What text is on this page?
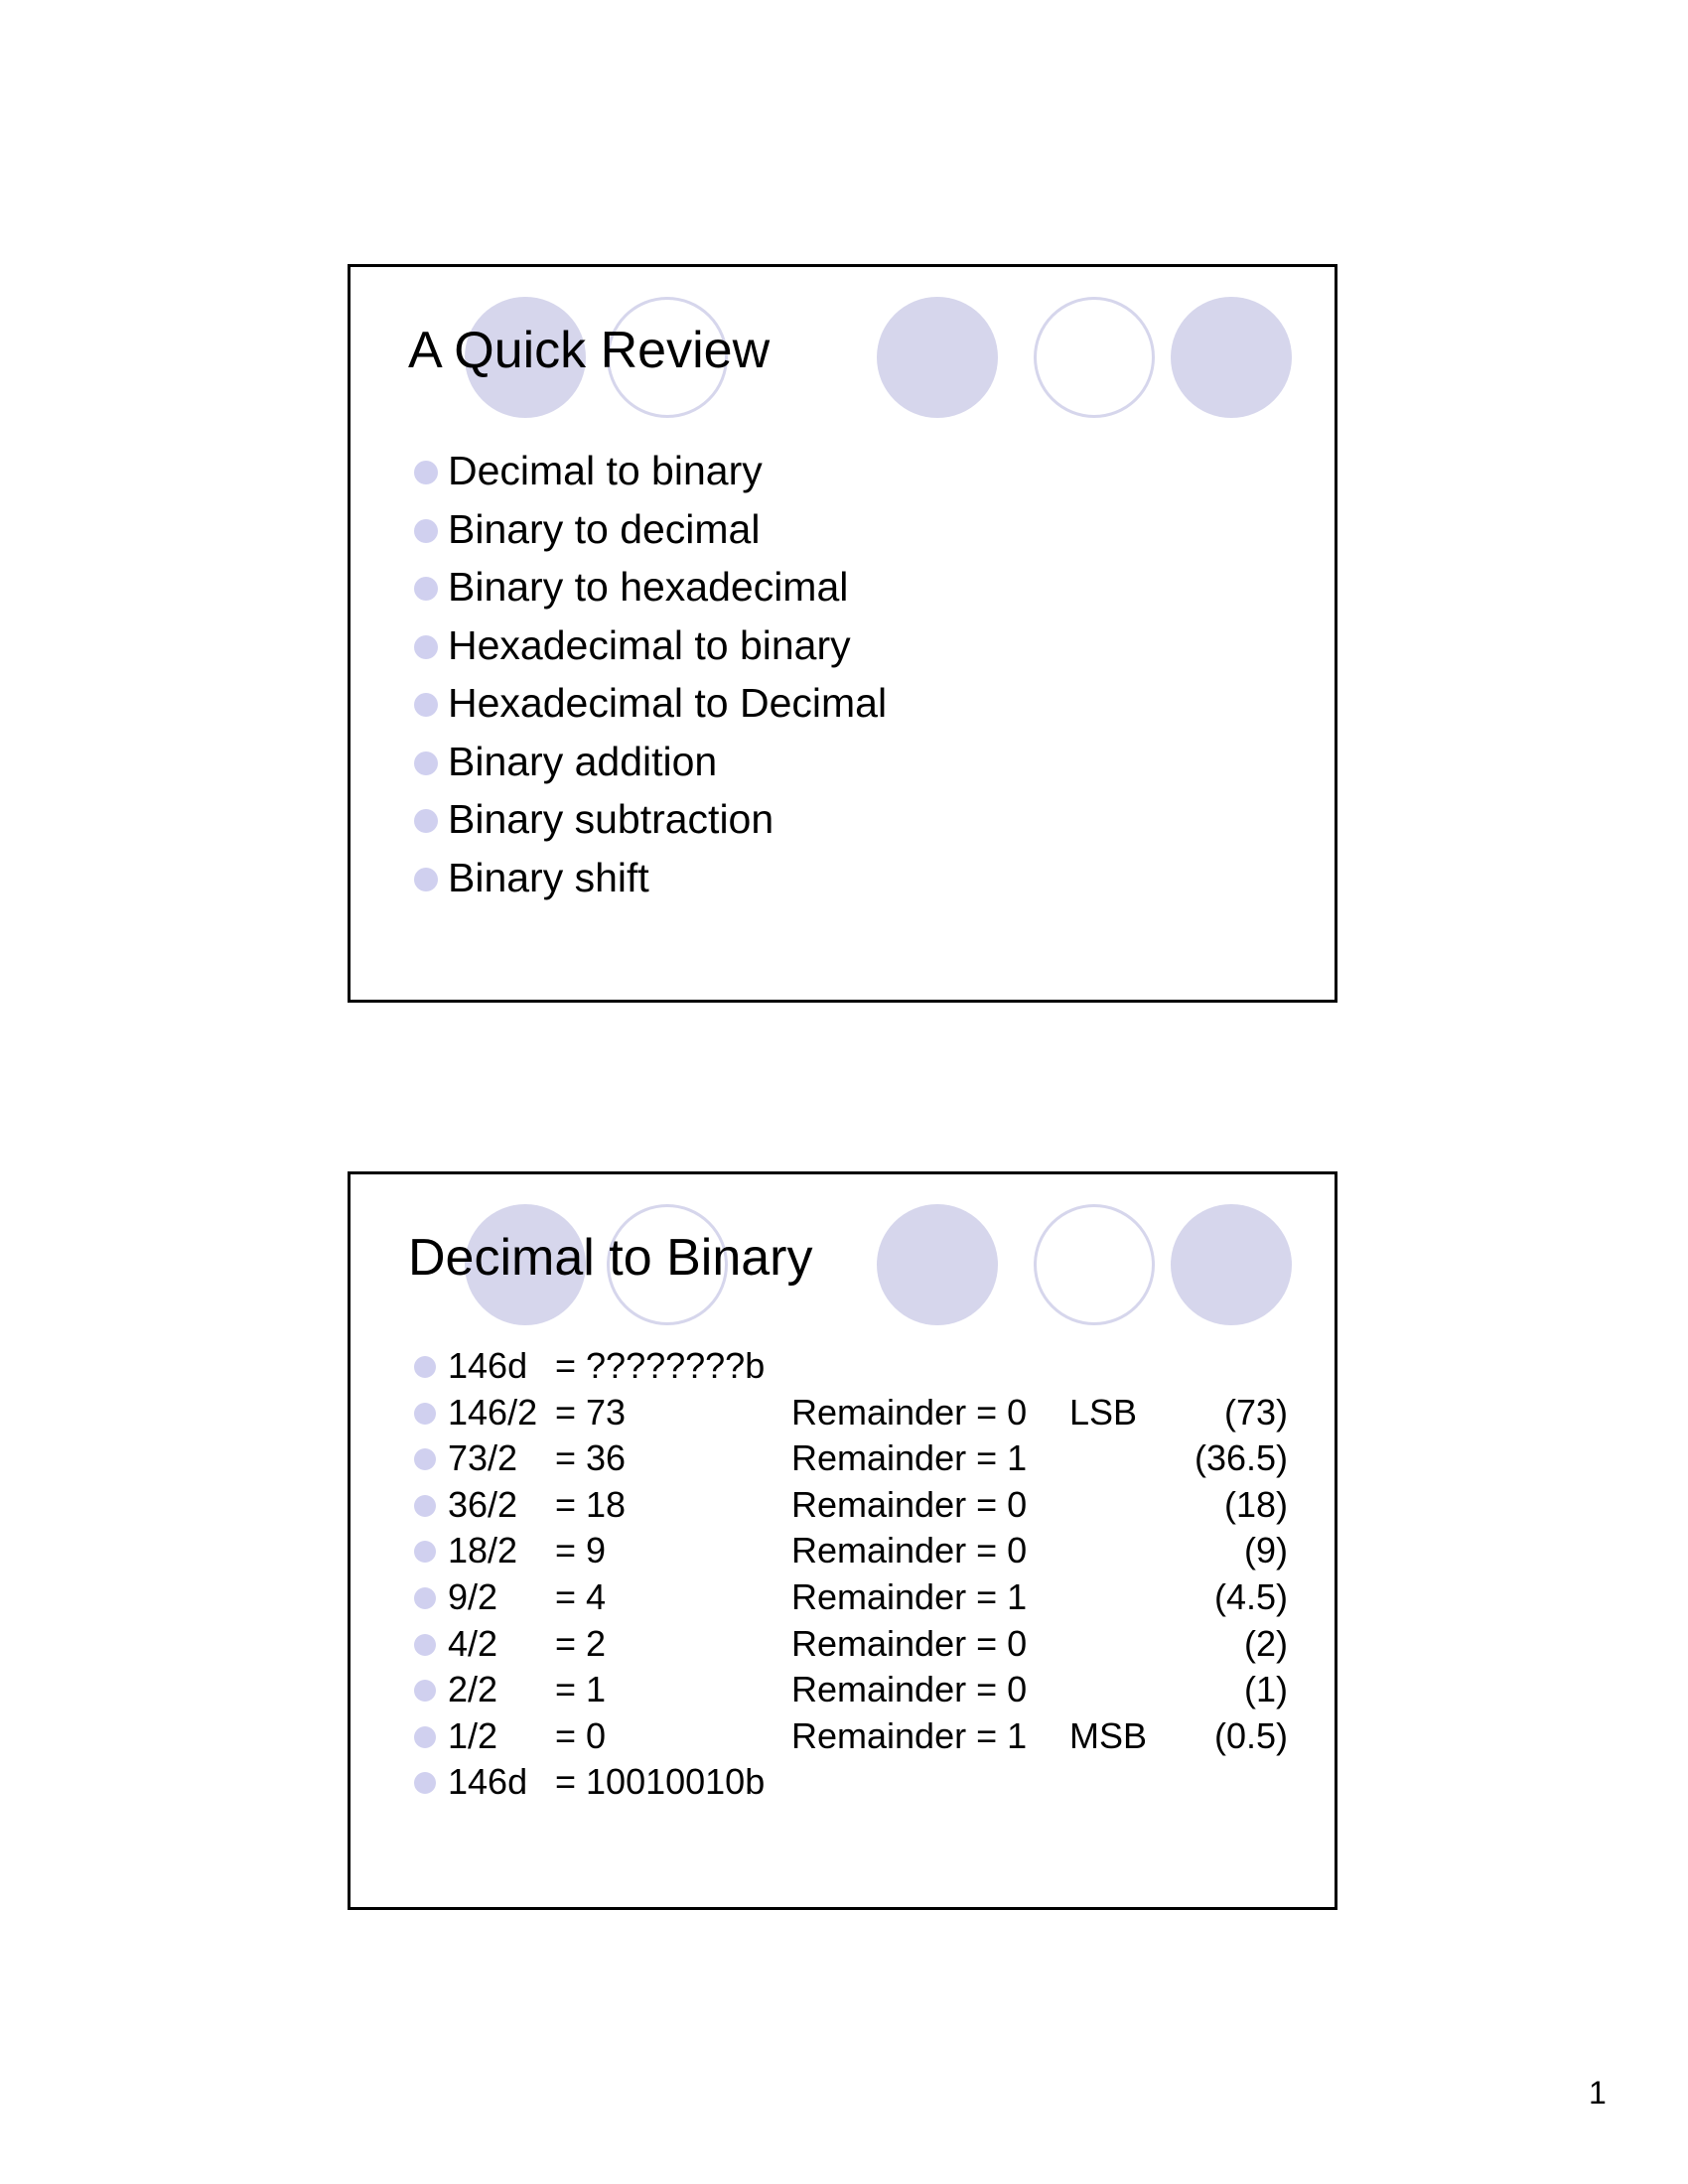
A Quick Review
Decimal to binary
Binary to decimal
Binary to hexadecimal
Hexadecimal to binary
Hexadecimal to Decimal
Binary addition
Binary subtraction
Binary shift
Decimal to Binary
146d = ????????b
146/2 = 73	Remainder = 0 LSB (73)
73/2 = 36	Remainder = 1	(36.5)
36/2 = 18	Remainder = 0	(18)
18/2 = 9	Remainder = 0	(9)
9/2 = 4	Remainder = 1	(4.5)
4/2 = 2	Remainder = 0	(2)
2/2 = 1	Remainder = 0	(1)
1/2 = 0	Remainder = 1 MSB (0.5)
146d = 10010010b
1
